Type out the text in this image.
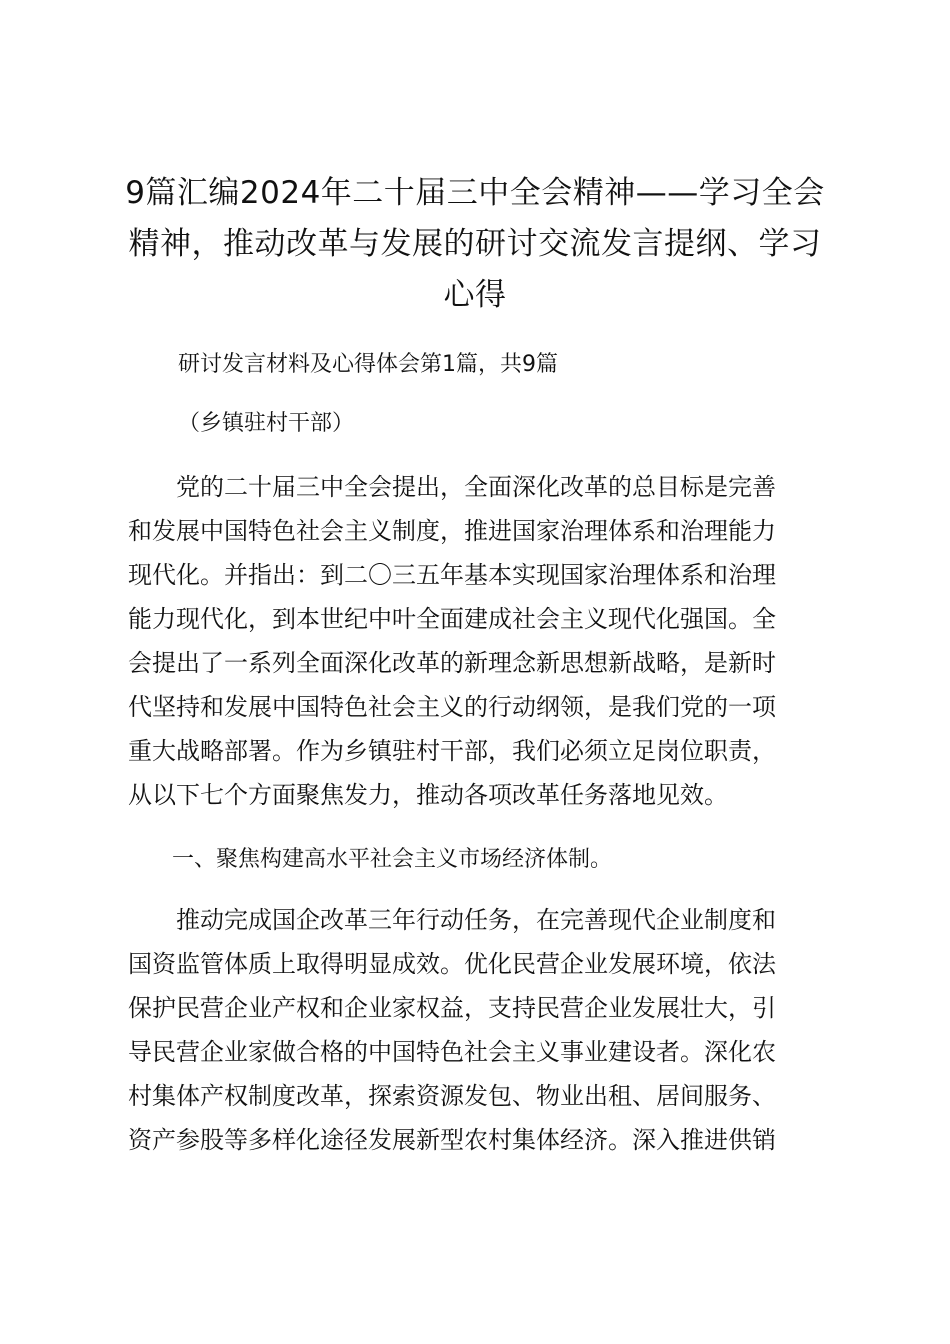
9篇汇编2024年二十届三中全会精神——学习全会精神，推动改革与发展的研讨交流发言提纲、学习心得
研讨发言材料及心得体会第1篇，共9篇
（乡镇驻村干部）
　　党的二十届三中全会提出，全面深化改革的总目标是完善
和发展中国特色社会主义制度，推进国家治理体系和治理能力
现代化。并指出：到二〇三五年基本实现国家治理体系和治理
能力现代化，到本世纪中叶全面建成社会主义现代化强国。全
会提出了一系列全面深化改革的新理念新思想新战略，是新时
代坚持和发展中国特色社会主义的行动纲领，是我们党的一项
重大战略部署。作为乡镇驻村干部，我们必须立足岗位职责，
从以下七个方面聚焦发力，推动各项改革任务落地见效。
　　一、聚焦构建高水平社会主义市场经济体制。
　　推动完成国企改革三年行动任务，在完善现代企业制度和
国资监管体质上取得明显成效。优化民营企业发展环境，依法
保护民营企业产权和企业家权益，支持民营企业发展壮大，引
导民营企业家做合格的中国特色社会主义事业建设者。深化农
村集体产权制度改革，探索资源发包、物业出租、居间服务、
资产参股等多样化途径发展新型农村集体经济。深入推进供销
